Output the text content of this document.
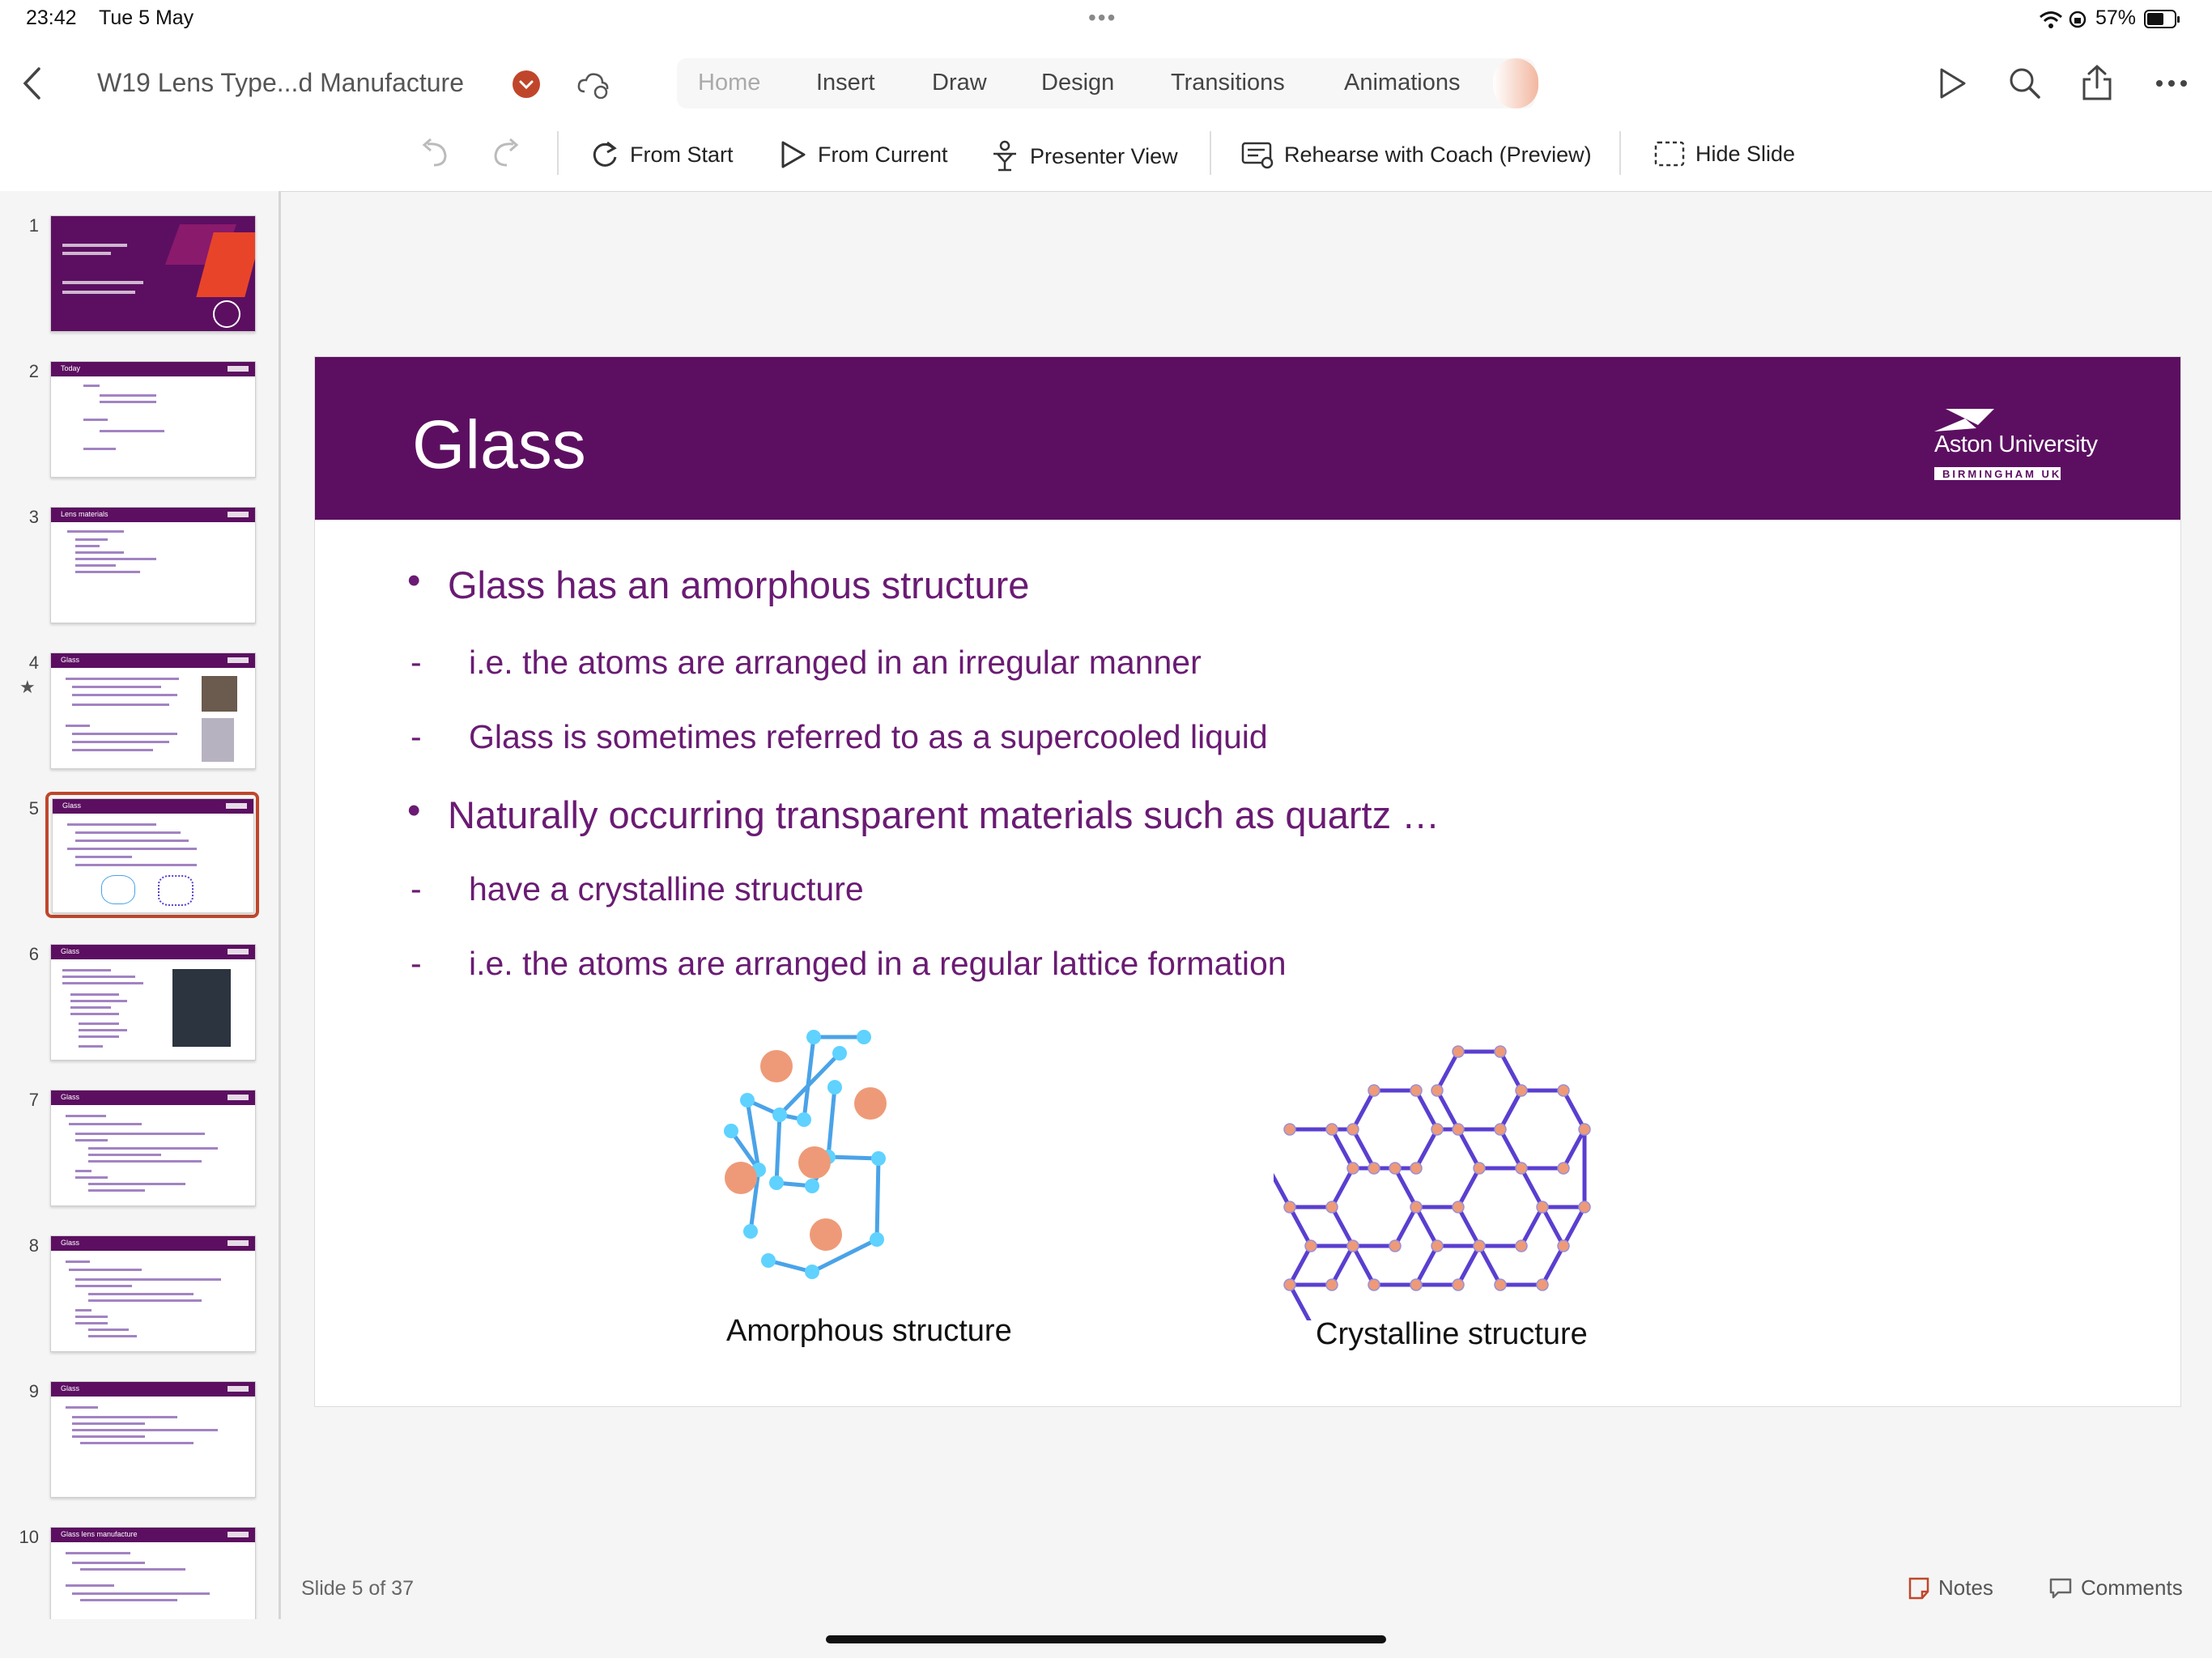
23:42 Tue 5 May	•••	57%
W19 Lens Type...d Manufacture	Home Insert Draw Design Transitions	Animations
From Start	From Current	Presenter View	Rehearse with Coach (Preview)	Hide Slide
1
2	Today
3	Lens materials
4
★
Glass
5	Glass
6	Glass
7	Glass
8	Glass
9	Glass
10	Glass lens manufacture
Glass	Aston University
BIRMINGHAM UK
• Glass has an amorphous structure
- i.e. the atoms are arranged in an irregular manner
- Glass is sometimes referred to as a supercooled liquid
• Naturally occurring transparent materials such as quartz …
- have a crystalline structure
- i.e. the atoms are arranged in a regular lattice formation
Amorphous structure	Crystalline structure
Slide 5 of 37	Notes	Comments
